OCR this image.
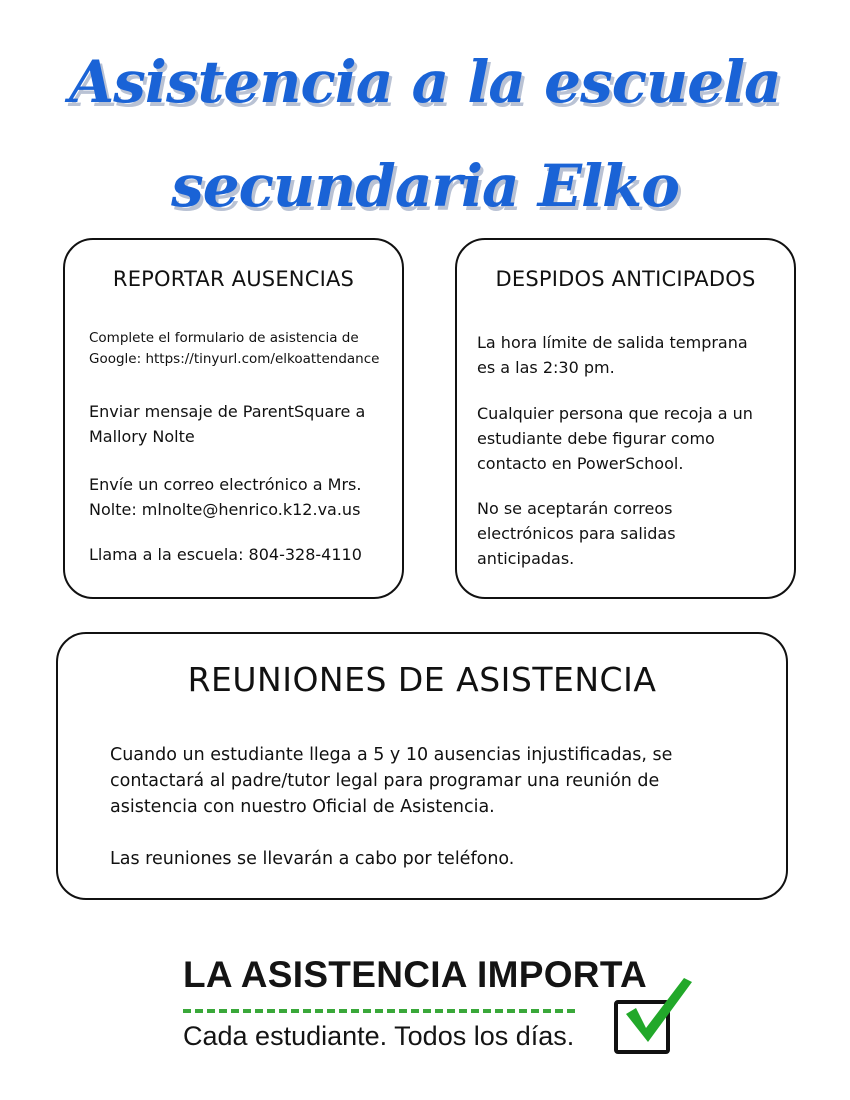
Asistencia a la escuela
secundaria Elko
REPORTAR AUSENCIAS

Complete el formulario de asistencia de Google: https://tinyurl.com/elkoattendance

Enviar mensaje de ParentSquare a Mallory Nolte

Envíe un correo electrónico a Mrs. Nolte: mlnolte@henrico.k12.va.us

Llama a la escuela: 804-328-4110

DESPIDOS ANTICIPADOS

La hora límite de salida temprana es a las 2:30 pm.

Cualquier persona que recoja a un estudiante debe figurar como contacto en PowerSchool.

No se aceptarán correos electrónicos para salidas anticipadas.

REUNIONES DE ASISTENCIA

Cuando un estudiante llega a 5 y 10 ausencias injustificadas, se contactará al padre/tutor legal para programar una reunión de asistencia con nuestro Oficial de Asistencia.

Las reuniones se llevarán a cabo por teléfono.

LA ASISTENCIA IMPORTA
Cada estudiante. Todos los días.
